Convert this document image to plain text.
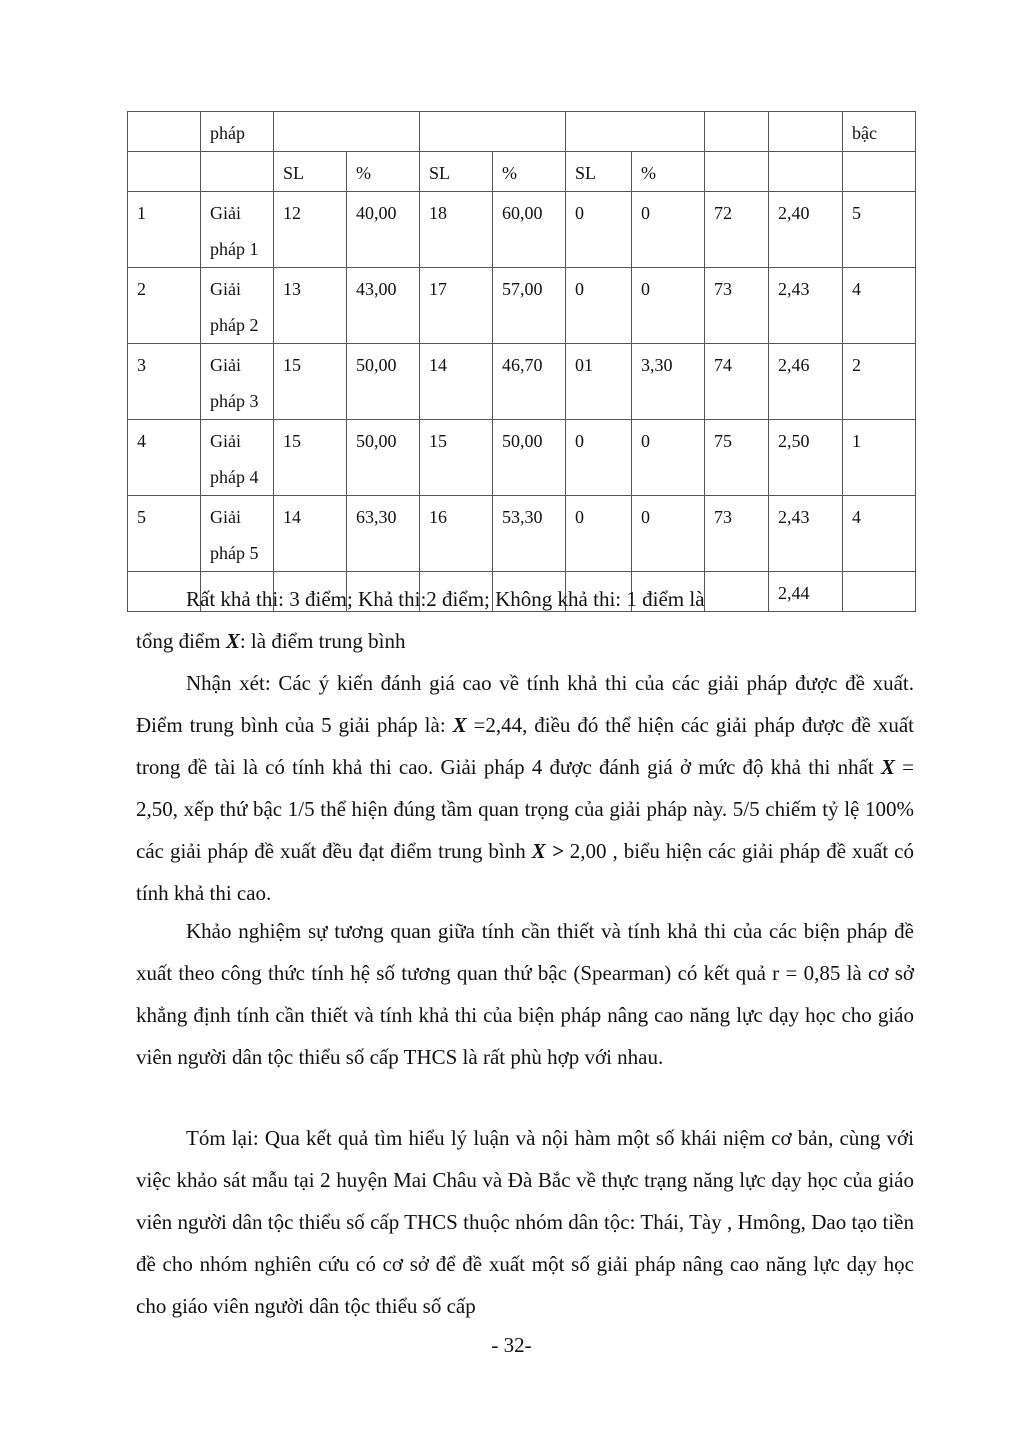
	pháp									bậc
		SL	%	SL	%	SL	%			
1	Giải pháp 1	12	40,00	18	60,00	0	0	72	2,40	5
2	Giải pháp 2	13	43,00	17	57,00	0	0	73	2,43	4
3	Giải pháp 3	15	50,00	14	46,70	01	3,30	74	2,46	2
4	Giải pháp 4	15	50,00	15	50,00	0	0	75	2,50	1
5	Giải pháp 5	14	63,30	16	53,30	0	0	73	2,43	4
									2,44	

Rất khả thi: 3 điểm; Khả thi:2 điểm; Không khả thi: 1 điểm là

tổng điểm X: là điểm trung bình

Nhận xét: Các ý kiến đánh giá cao về tính khả thi của các giải pháp được đề xuất. Điểm trung bình của 5 giải pháp là: X =2,44, điều đó thể hiện các giải pháp được đề xuất trong đề tài là có tính khả thi cao. Giải pháp 4 được đánh giá ở mức độ khả thi nhất X = 2,50, xếp thứ bậc 1/5 thể hiện đúng tầm quan trọng của giải pháp này. 5/5 chiếm tỷ lệ 100% các giải pháp đề xuất đều đạt điểm trung bình X > 2,00 , biểu hiện các giải pháp đề xuất có tính khả thi cao.

Khảo nghiệm sự tương quan giữa tính cần thiết và tính khả thi của các biện pháp đề xuất theo công thức tính hệ số tương quan thứ bậc (Spearman) có kết quả r = 0,85 là cơ sở khẳng định tính cần thiết và tính khả thi của biện pháp nâng cao năng lực dạy học cho giáo viên người dân tộc thiểu số cấp THCS là rất phù hợp với nhau.

Tóm lại: Qua kết quả tìm hiểu lý luận và nội hàm một số khái niệm cơ bản, cùng với việc khảo sát mẫu tại 2 huyện Mai Châu và Đà Bắc về thực trạng năng lực dạy học của giáo viên người dân tộc thiểu số cấp THCS thuộc nhóm dân tộc: Thái, Tày , Hmông, Dao tạo tiền đề cho nhóm nghiên cứu có cơ sở để đề xuất một số giải pháp nâng cao năng lực dạy học cho giáo viên người dân tộc thiểu số cấp

- 32-
